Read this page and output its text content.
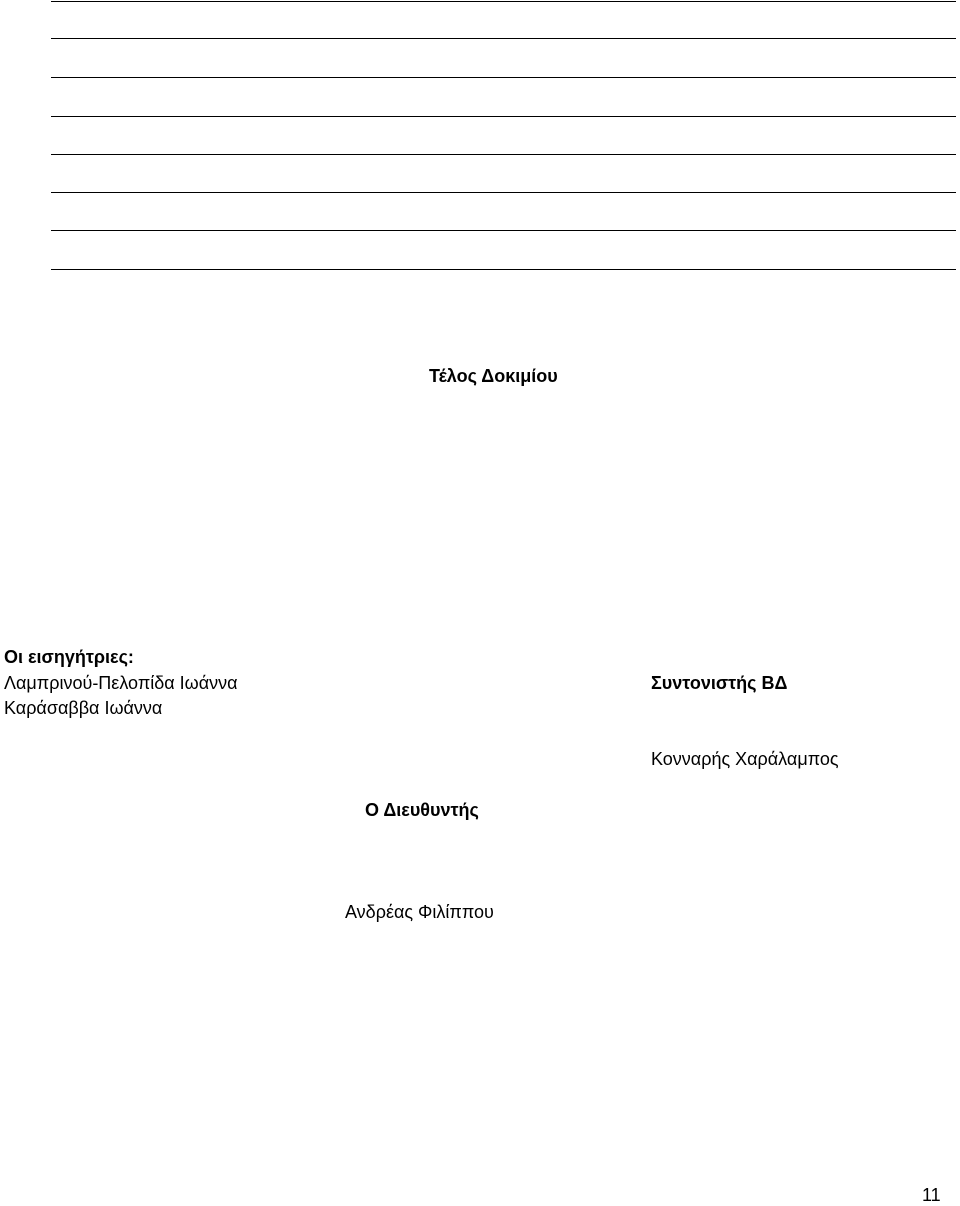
Τέλος Δοκιμίου
Οι εισηγήτριες:
Λαμπρινού-Πελοπίδα Ιωάννα
Καράσαββα Ιωάννα
Συντονιστής ΒΔ
Κονναρής Χαράλαμπος
Ο Διευθυντής
Ανδρέας Φιλίππου
11
